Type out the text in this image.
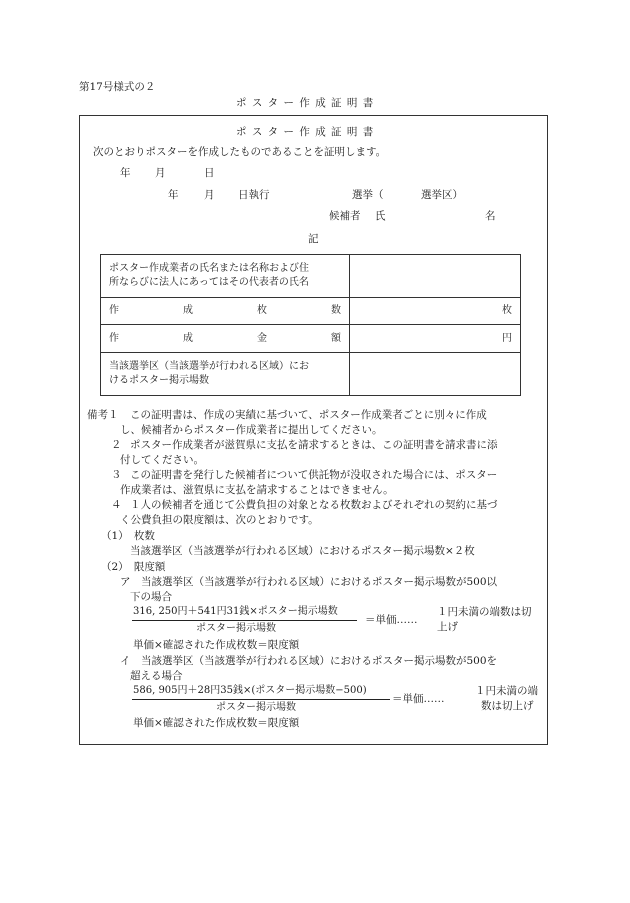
第17号様式の２
ポ ス タ ー 作 成 証 明 書
ポ ス タ ー 作 成 証 明 書
次のとおりポスターを作成したものであることを証明します。
年 月	日
年 月 日執行	選挙（	選挙区）
候補者 氏	名
記
ポスター作成業者の氏名または名称および住
所ならびに法人にあってはその代表者の氏名	

作 成 枚 数	枚

作 成 金 額	円

当該選挙区（当該選挙が行われる区域）にお
けるポスター掲示場数	

備考１ この証明書は、作成の実績に基づいて、ポスター作成業者ごとに別々に作成
し、候補者からポスター作成業者に提出してください。
２ ポスター作成業者が滋賀県に支払を請求するときは、この証明書を請求書に添
付してください。
３ この証明書を発行した候補者について供託物が没収された場合には、ポスター
作成業者は、滋賀県に支払を請求することはできません。
４ １人の候補者を通じて公費負担の対象となる枚数およびそれぞれの契約に基づ
く公費負担の限度額は、次のとおりです。
（1）　枚数
当該選挙区（当該選挙が行われる区域）におけるポスター掲示場数×２枚
（2）　限度額
ア　当該選挙区（当該選挙が行われる区域）におけるポスター掲示場数が500以
下の場合
316, 250円＋541円31銭×ポスター掲示場数
ポスター掲示場数
＝単価……
１円未満の端数は切
上げ
単価×確認された作成枚数＝限度額
イ　当該選挙区（当該選挙が行われる区域）におけるポスター掲示場数が500を
超える場合
586, 905円＋28円35銭×(ポスター掲示場数−500)
ポスター掲示場数
＝単価……
１円未満の端
数は切上げ
単価×確認された作成枚数＝限度額
